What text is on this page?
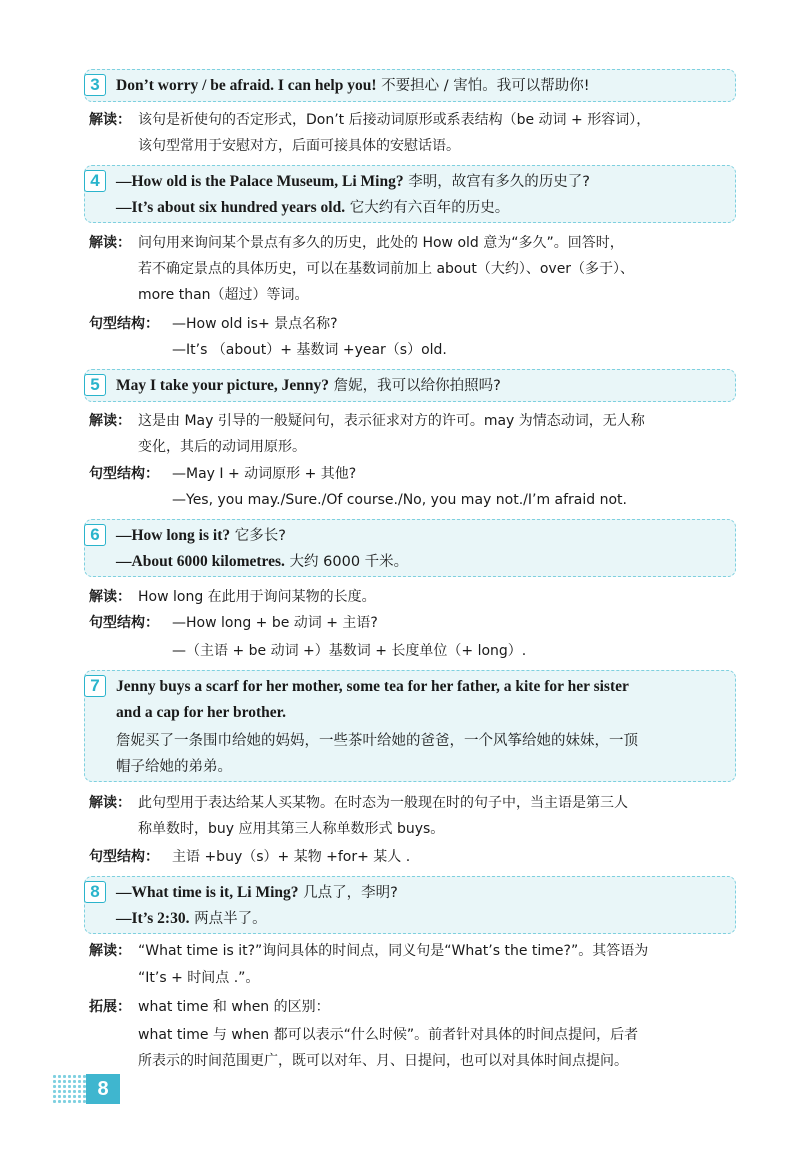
3	Don’t worry / be afraid. I can help you! 不要担心 / 害怕。我可以帮助你!
解读： 该句是祈使句的否定形式，Don’t 后接动词原形或系表结构（be 动词 + 形容词），
该句型常用于安慰对方，后面可接具体的安慰话语。
4	—How old is the Palace Museum, Li Ming? 李明，故宫有多久的历史了?
—It’s about six hundred years old. 它大约有六百年的历史。
解读： 问句用来询问某个景点有多久的历史，此处的 How old 意为“多久”。回答时，
若不确定景点的具体历史，可以在基数词前加上 about（大约）、over（多于）、
more than（超过）等词。
句型结构： —How old is+ 景点名称?
—It’s （about）+ 基数词 +year（s）old.
5	May I take your picture, Jenny? 詹妮，我可以给你拍照吗?
解读： 这是由 May 引导的一般疑问句，表示征求对方的许可。may 为情态动词，无人称
变化，其后的动词用原形。
句型结构： —May I + 动词原形 + 其他?
—Yes, you may./Sure./Of course./No, you may not./I’m afraid not.
6	—How long is it? 它多长?
—About 6000 kilometres. 大约 6000 千米。
解读： How long 在此用于询问某物的长度。
句型结构： —How long + be 动词 + 主语?
—（主语 + be 动词 +）基数词 + 长度单位（+ long）.
7	Jenny buys a scarf for her mother, some tea for her father, a kite for her sister
and a cap for her brother.
詹妮买了一条围巾给她的妈妈，一些茶叶给她的爸爸，一个风筝给她的妹妹，一顶
帽子给她的弟弟。
解读： 此句型用于表达给某人买某物。在时态为一般现在时的句子中，当主语是第三人
称单数时，buy 应用其第三人称单数形式 buys。
句型结构： 主语 +buy（s）+ 某物 +for+ 某人 .
8	—What time is it, Li Ming? 几点了，李明?
—It’s 2:30. 两点半了。
解读： “What time is it?”询问具体的时间点，同义句是“What’s the time?”。其答语为
“It’s + 时间点 .”。
拓展： what time 和 when 的区别：
what time 与 when 都可以表示“什么时候”。前者针对具体的时间点提问，后者
所表示的时间范围更广，既可以对年、月、日提问，也可以对具体时间点提问。
8
